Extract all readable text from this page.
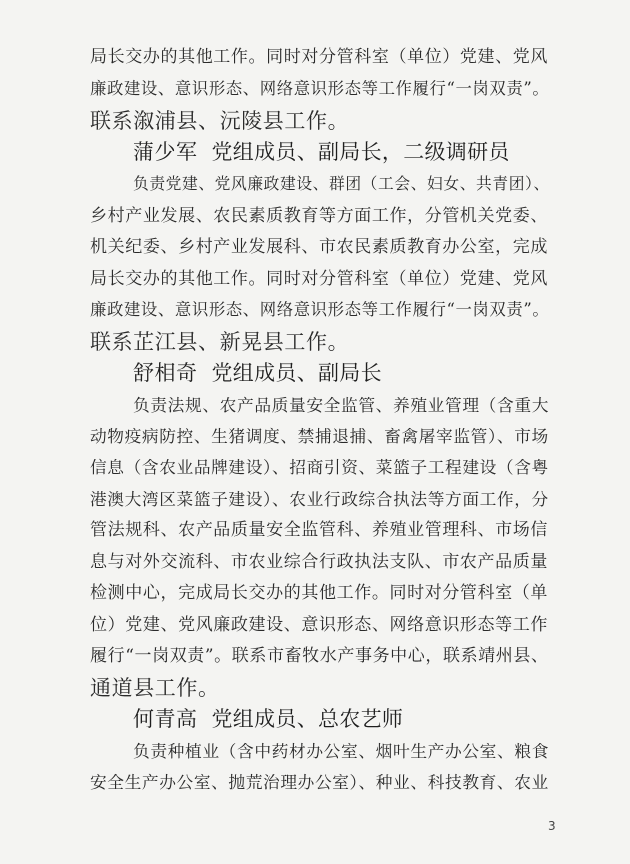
局长交办的其他工作。同时对分管科室（单位）党建、党风
廉政建设、意识形态、网络意识形态等工作履行“一岗双责”。
联系溆浦县、沅陵县工作。
蒲少军 党组成员、副局长，二级调研员
负责党建、党风廉政建设、群团（工会、妇女、共青团）、
乡村产业发展、农民素质教育等方面工作，分管机关党委、
机关纪委、乡村产业发展科、市农民素质教育办公室，完成
局长交办的其他工作。同时对分管科室（单位）党建、党风
廉政建设、意识形态、网络意识形态等工作履行“一岗双责”。
联系芷江县、新晃县工作。
舒相奇 党组成员、副局长
负责法规、农产品质量安全监管、养殖业管理（含重大
动物疫病防控、生猪调度、禁捕退捕、畜禽屠宰监管）、市场
信息（含农业品牌建设）、招商引资、菜篮子工程建设（含粤
港澳大湾区菜篮子建设）、农业行政综合执法等方面工作，分
管法规科、农产品质量安全监管科、养殖业管理科、市场信
息与对外交流科、市农业综合行政执法支队、市农产品质量
检测中心，完成局长交办的其他工作。同时对分管科室（单
位）党建、党风廉政建设、意识形态、网络意识形态等工作
履行“一岗双责”。联系市畜牧水产事务中心，联系靖州县、
通道县工作。
何青高 党组成员、总农艺师
负责种植业（含中药材办公室、烟叶生产办公室、粮食
安全生产办公室、抛荒治理办公室）、种业、科技教育、农业
3
